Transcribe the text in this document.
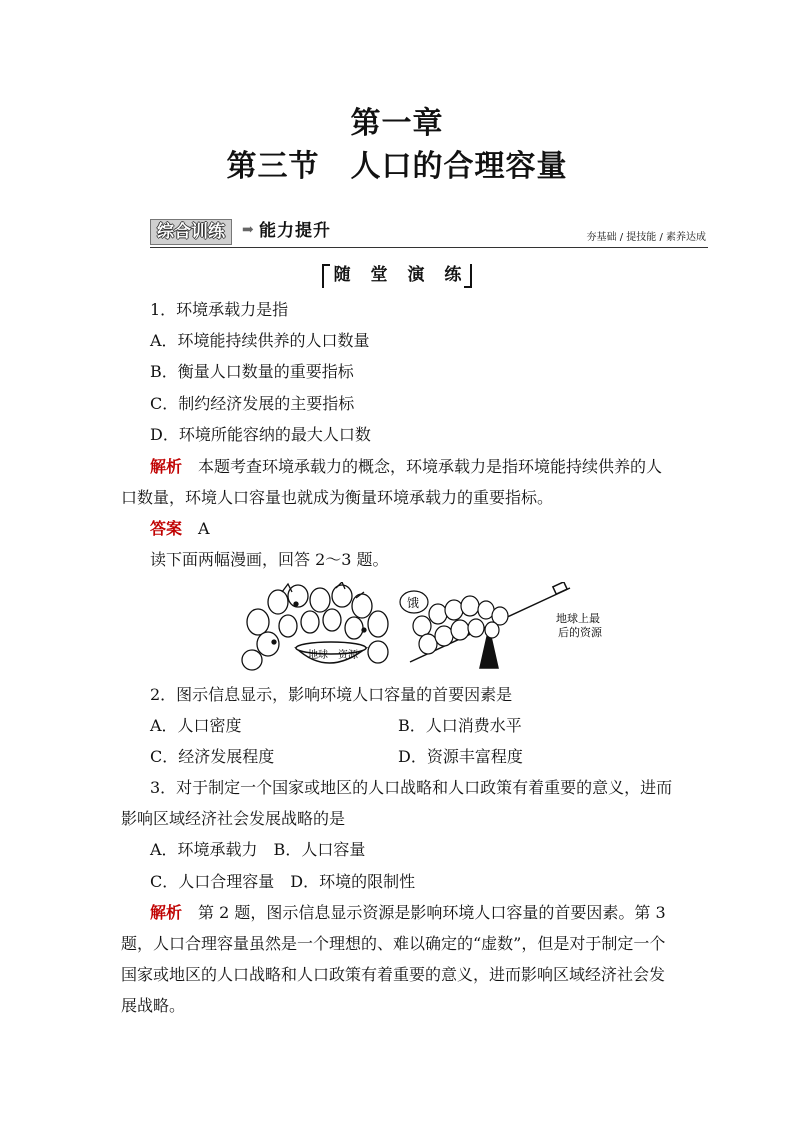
第一章
第三节　人口的合理容量
综合训练	➡ 能力提升	夯基础 / 提技能 / 素养达成
随 堂 演 练
1．环境承载力是指
A．环境能持续供养的人口数量
B．衡量人口数量的重要指标
C．制约经济发展的主要指标
D．环境所能容纳的最大人口数
解析　 本题考查环境承载力的概念，环境承载力是指环境能持续供养的人
口数量，环境人口容量也就成为衡量环境承载力的重要指标。
答案　 A
读下面两幅漫画，回答 2～3 题。
地球　资源
饿
地球上最
后的资源
2．图示信息显示，影响环境人口容量的首要因素是
A．人口密度	B．人口消费水平
C．经济发展程度	D．资源丰富程度
3．对于制定一个国家或地区的人口战略和人口政策有着重要的意义，进而
影响区域经济社会发展战略的是
A．环境承载力　B．人口容量
C．人口合理容量　D．环境的限制性
解析　 第 2 题，图示信息显示资源是影响环境人口容量的首要因素。第 3
题，人口合理容量虽然是一个理想的、难以确定的“虚数”，但是对于制定一个
国家或地区的人口战略和人口政策有着重要的意义，进而影响区域经济社会发
展战略。
